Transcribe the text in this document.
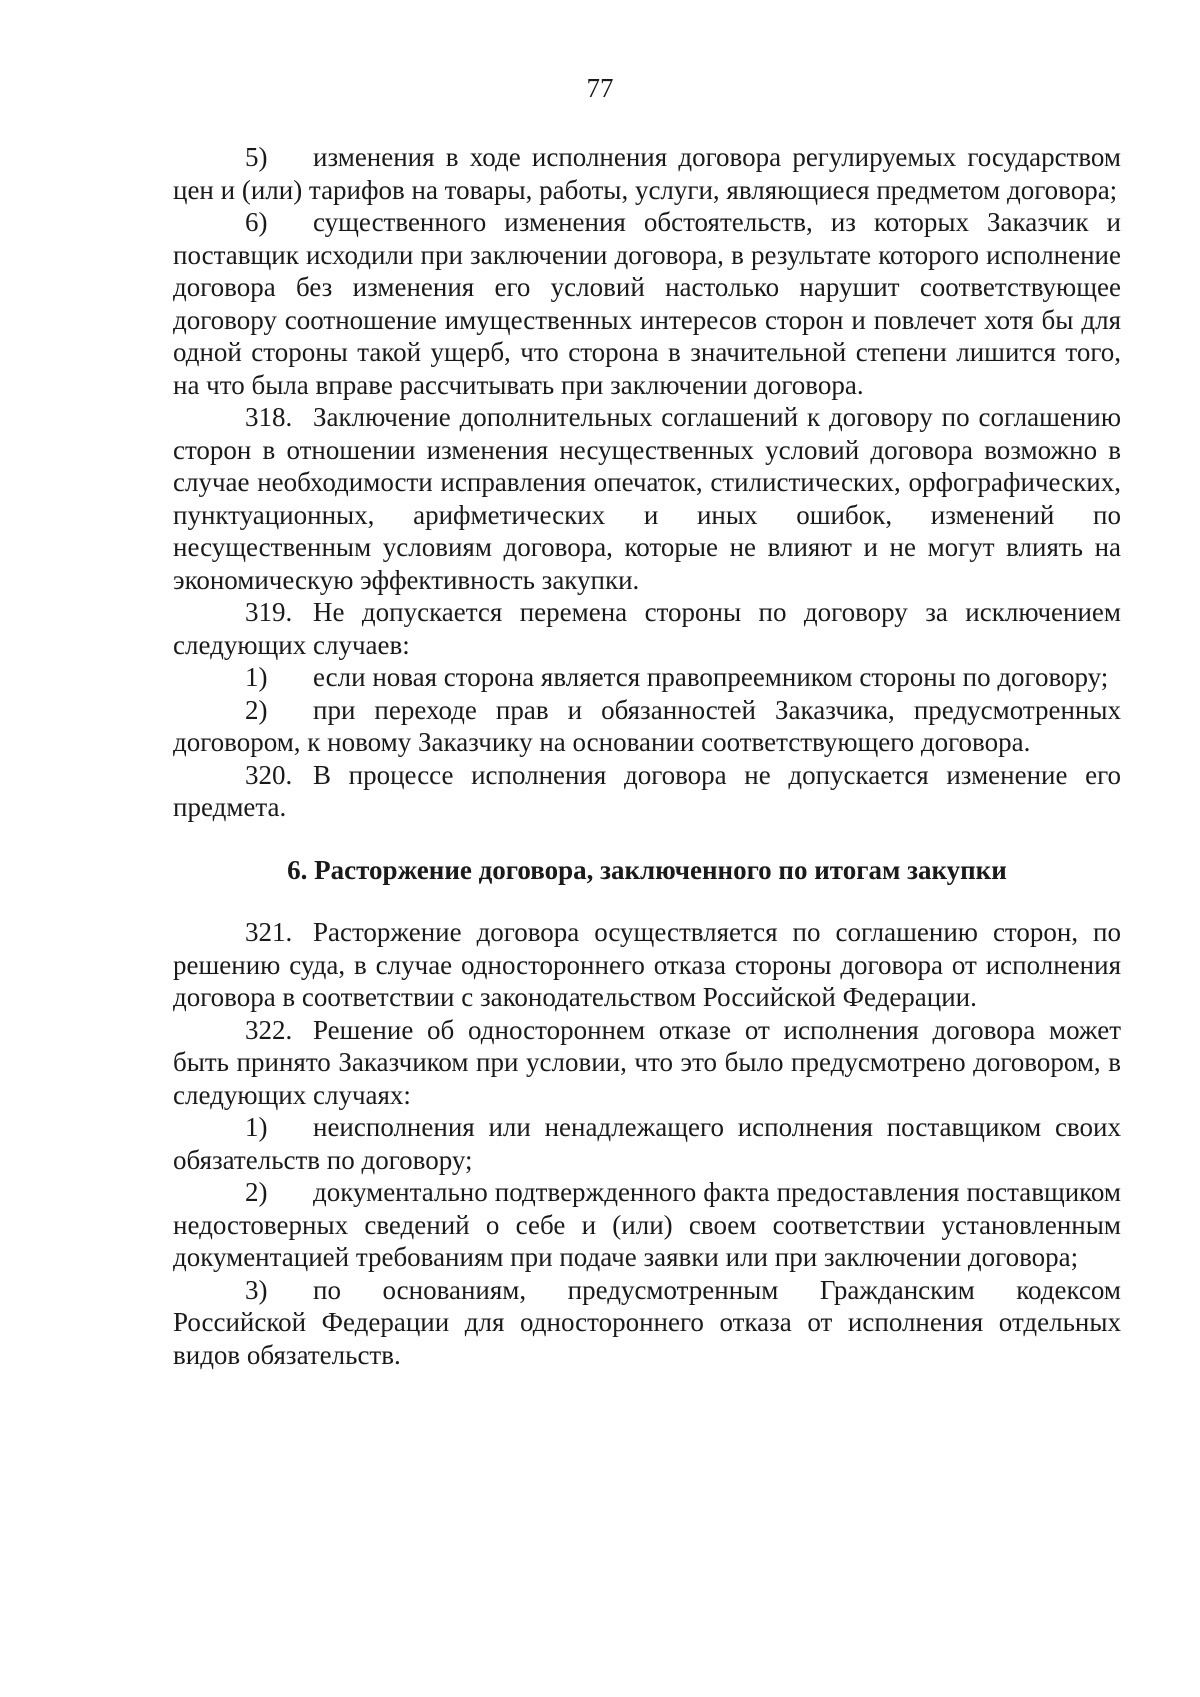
77

5) изменения в ходе исполнения договора регулируемых государством цен и (или) тарифов на товары, работы, услуги, являющиеся предметом договора;

6) существенного изменения обстоятельств, из которых Заказчик и поставщик исходили при заключении договора, в результате которого исполнение договора без изменения его условий настолько нарушит соответствующее договору соотношение имущественных интересов сторон и повлечет хотя бы для одной стороны такой ущерб, что сторона в значительной степени лишится того, на что была вправе рассчитывать при заключении договора.

318. Заключение дополнительных соглашений к договору по соглашению сторон в отношении изменения несущественных условий договора возможно в случае необходимости исправления опечаток, стилистических, орфографических, пунктуационных, арифметических и иных ошибок, изменений по несущественным условиям договора, которые не влияют и не могут влиять на экономическую эффективность закупки.

319. Не допускается перемена стороны по договору за исключением следующих случаев:

1) если новая сторона является правопреемником стороны по договору;

2) при переходе прав и обязанностей Заказчика, предусмотренных договором, к новому Заказчику на основании соответствующего договора.

320. В процессе исполнения договора не допускается изменение его предмета.

6. Расторжение договора, заключенного по итогам закупки

321. Расторжение договора осуществляется по соглашению сторон, по решению суда, в случае одностороннего отказа стороны договора от исполнения договора в соответствии с законодательством Российской Федерации.

322. Решение об одностороннем отказе от исполнения договора может быть принято Заказчиком при условии, что это было предусмотрено договором, в следующих случаях:

1) неисполнения или ненадлежащего исполнения поставщиком своих обязательств по договору;

2) документально подтвержденного факта предоставления поставщиком недостоверных сведений о себе и (или) своем соответствии установленным документацией требованиям при подаче заявки или при заключении договора;

3) по основаниям, предусмотренным Гражданским кодексом Российской Федерации для одностороннего отказа от исполнения отдельных видов обязательств.
